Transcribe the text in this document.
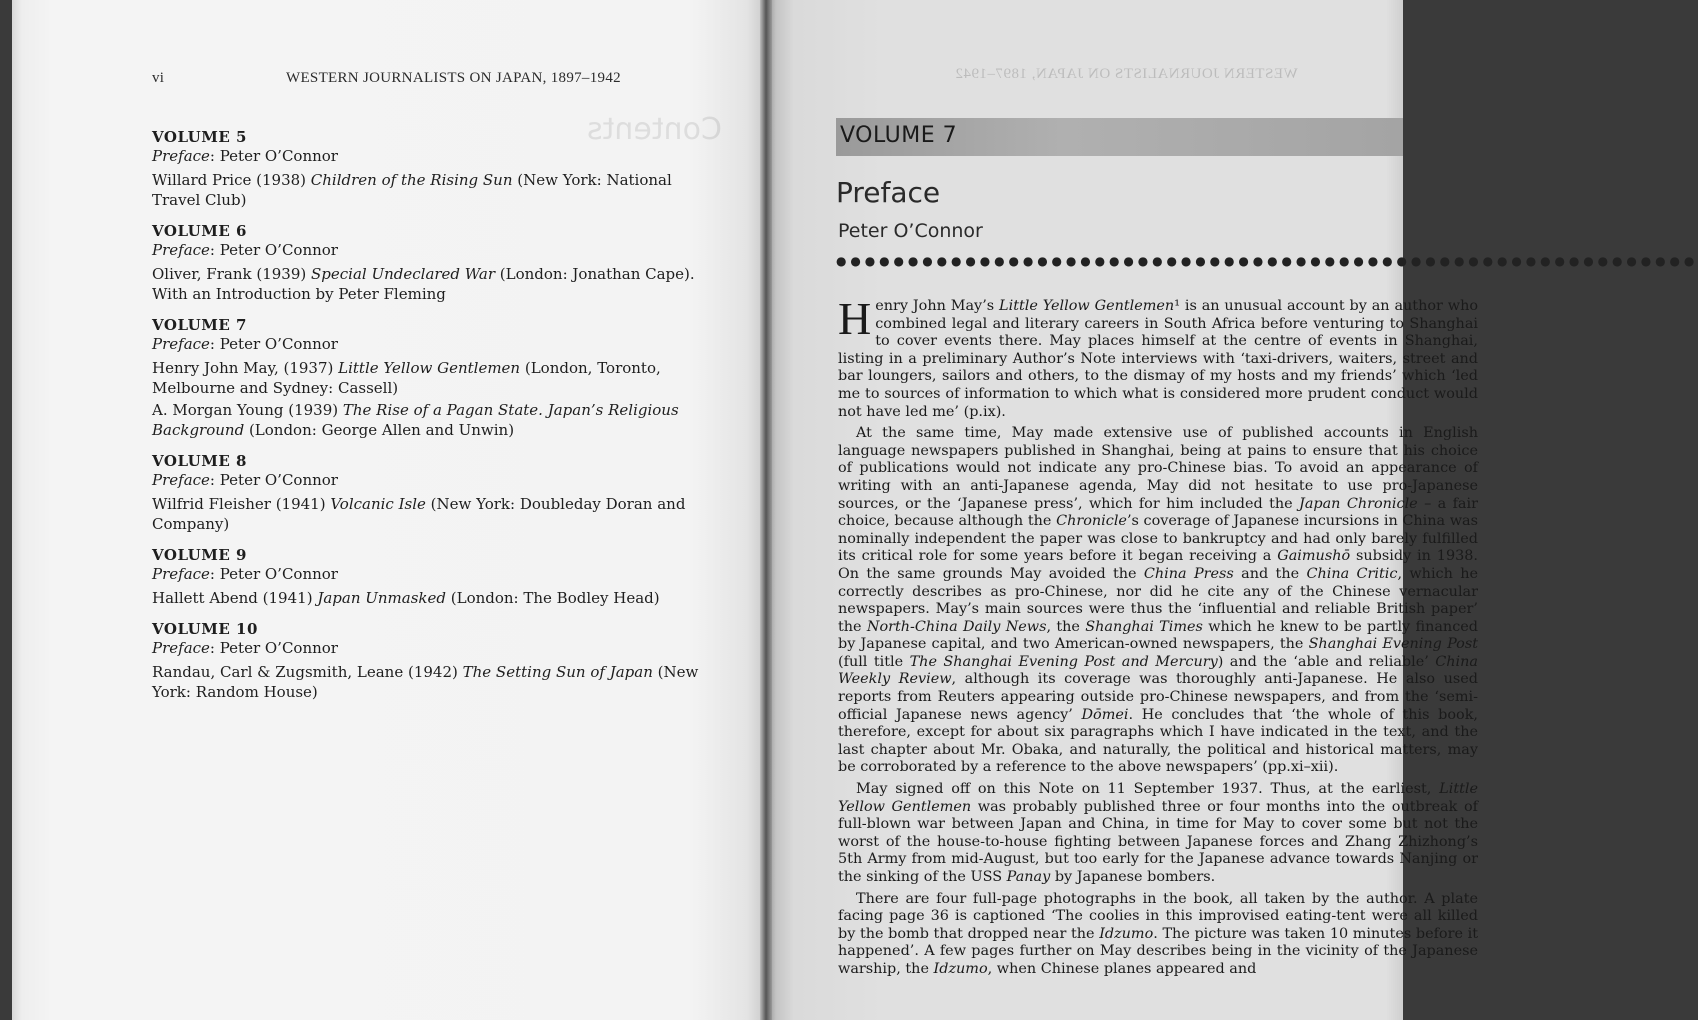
vi	WESTERN JOURNALISTS ON JAPAN, 1897–1942
Contents
VOLUME 5
Preface: Peter O’Connor
Willard Price (1938) Children of the Rising Sun (New York: National Travel Club)
VOLUME 6
Preface: Peter O’Connor
Oliver, Frank (1939) Special Undeclared War (London: Jonathan Cape). With an Introduction by Peter Fleming
VOLUME 7
Preface: Peter O’Connor
Henry John May, (1937) Little Yellow Gentlemen (London, Toronto, Melbourne and Sydney: Cassell)
A. Morgan Young (1939) The Rise of a Pagan State. Japan’s Religious Background (London: George Allen and Unwin)
VOLUME 8
Preface: Peter O’Connor
Wilfrid Fleisher (1941) Volcanic Isle (New York: Doubleday Doran and Company)
VOLUME 9
Preface: Peter O’Connor
Hallett Abend (1941) Japan Unmasked (London: The Bodley Head)
VOLUME 10
Preface: Peter O’Connor
Randau, Carl & Zugsmith, Leane (1942) The Setting Sun of Japan (New York: Random House)
WESTERN JOURNALISTS ON JAPAN, 1897–1942
VOLUME 7
Preface
Peter O’Connor
●●●●●●●●●●●●●●●●●●●●●●●●●●●●●●●●●●●●●●●●●●●●●●●●●●●●●●●●●●●●

Henry John May’s Little Yellow Gentlemen¹ is an unusual account by an author who combined legal and literary careers in South Africa before venturing to Shanghai to cover events there. May places himself at the centre of events in Shanghai, listing in a preliminary Author’s Note interviews with ‘taxi-drivers, waiters, street and bar loungers, sailors and others, to the dismay of my hosts and my friends’ which ‘led me to sources of information to which what is considered more prudent conduct would not have led me’ (p.ix).

At the same time, May made extensive use of published accounts in English language newspapers published in Shanghai, being at pains to ensure that his choice of publications would not indicate any pro-Chinese bias. To avoid an appearance of writing with an anti-Japanese agenda, May did not hesitate to use pro-Japanese sources, or the ‘Japanese press’, which for him included the Japan Chronicle – a fair choice, because although the Chronicle’s coverage of Japanese incursions in China was nominally independent the paper was close to bankruptcy and had only barely fulfilled its critical role for some years before it began receiving a Gaimushō subsidy in 1938. On the same grounds May avoided the China Press and the China Critic, which he correctly describes as pro-Chinese, nor did he cite any of the Chinese vernacular newspapers. May’s main sources were thus the ‘influential and reliable British paper’ the North-China Daily News, the Shanghai Times which he knew to be partly financed by Japanese capital, and two American-owned newspapers, the Shanghai Evening Post (full title The Shanghai Evening Post and Mercury) and the ‘able and reliable’ China Weekly Review, although its coverage was thoroughly anti-Japanese. He also used reports from Reuters appearing outside pro-Chinese newspapers, and from the ‘semi-official Japanese news agency’ Dōmei. He concludes that ‘the whole of this book, therefore, except for about six paragraphs which I have indicated in the text, and the last chapter about Mr. Obaka, and naturally, the political and historical matters, may be corroborated by a reference to the above newspapers’ (pp.xi–xii).

May signed off on this Note on 11 September 1937. Thus, at the earliest, Little Yellow Gentlemen was probably published three or four months into the outbreak of full-blown war between Japan and China, in time for May to cover some but not the worst of the house-to-house fighting between Japanese forces and Zhang Zhizhong’s 5th Army from mid-August, but too early for the Japanese advance towards Nanjing or the sinking of the USS Panay by Japanese bombers.

There are four full-page photographs in the book, all taken by the author. A plate facing page 36 is captioned ‘The coolies in this improvised eating-tent were all killed by the bomb that dropped near the Idzumo. The picture was taken 10 minutes before it happened’. A few pages further on May describes being in the vicinity of the Japanese warship, the Idzumo, when Chinese planes appeared and
